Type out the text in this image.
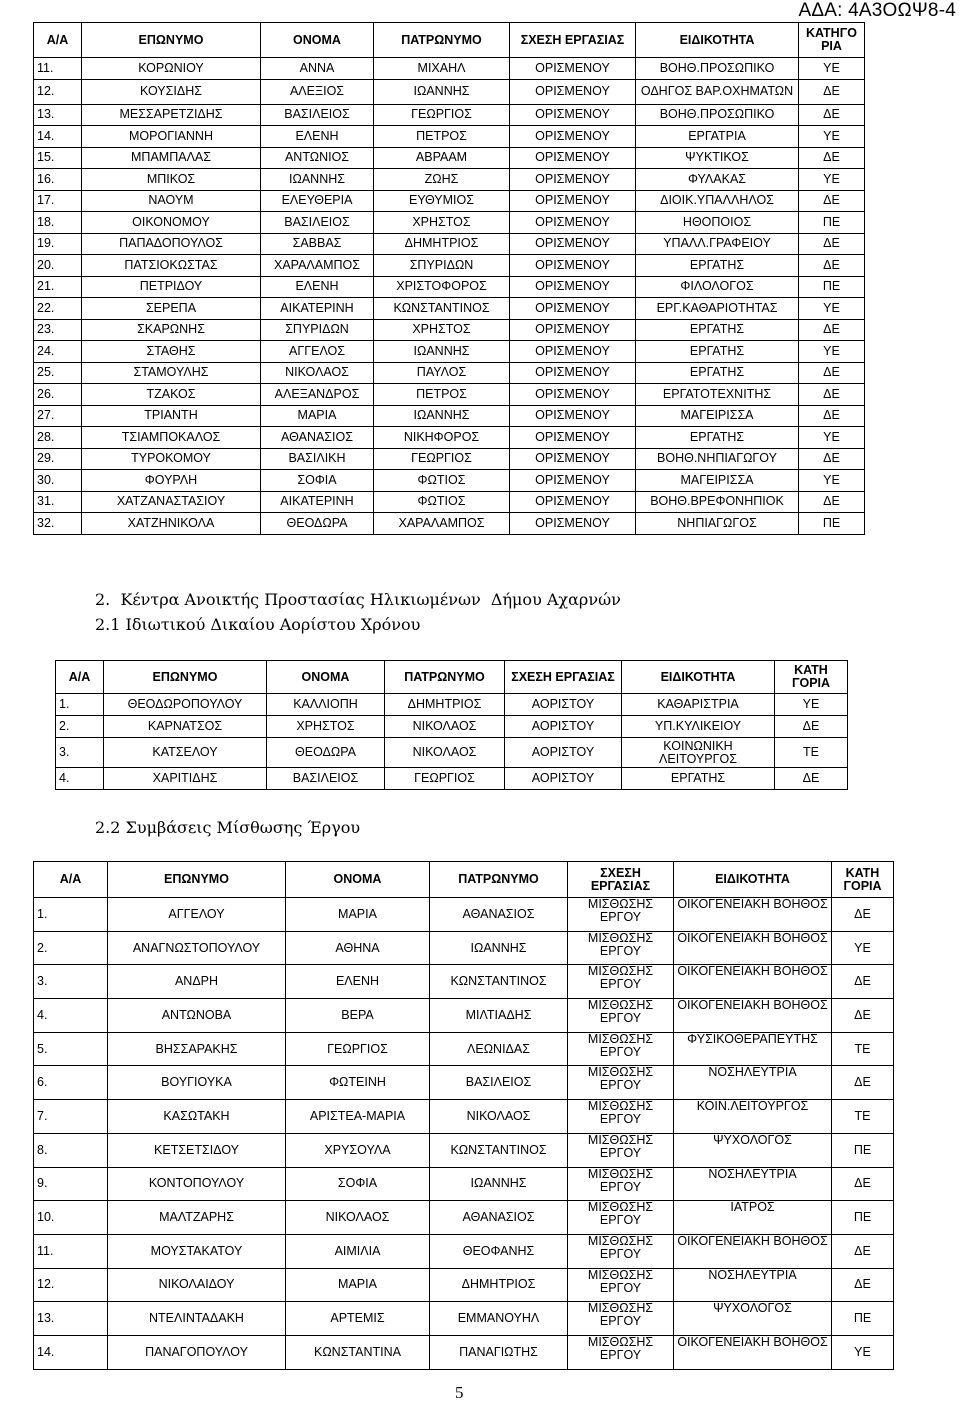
ΑΔΑ: 4Α3ΟΩΨ8-4
Α/Α	ΕΠΩΝΥΜΟ	ΟΝΟΜΑ	ΠΑΤΡΩΝΥΜΟ	ΣΧΕΣΗ ΕΡΓΑΣΙΑΣ	ΕΙΔΙΚΟΤΗΤΑ	ΚΑΤΗΓΟ ΡΙΑ
11.	ΚΟΡΩΝΙΟΥ	ΑΝΝΑ	ΜΙΧΑΗΛ	ΟΡΙΣΜΕΝΟΥ	ΒΟΗΘ.ΠΡΟΣΩΠΙΚΟ	ΥΕ
12.	ΚΟΥΣΙΔΗΣ	ΑΛΕΞΙΟΣ	ΙΩΑΝΝΗΣ	ΟΡΙΣΜΕΝΟΥ	ΟΔΗΓΟΣ ΒΑΡ.ΟΧΗΜΑΤΩΝ	ΔΕ
13.	ΜΕΣΣΑΡΕΤΖΙΔΗΣ	ΒΑΣΙΛΕΙΟΣ	ΓΕΩΡΓΙΟΣ	ΟΡΙΣΜΕΝΟΥ	ΒΟΗΘ.ΠΡΟΣΩΠΙΚΟ	ΔΕ
14.	ΜΟΡΟΓΙΑΝΝΗ	ΕΛΕΝΗ	ΠΕΤΡΟΣ	ΟΡΙΣΜΕΝΟΥ	ΕΡΓΑΤΡΙΑ	ΥΕ
15.	ΜΠΑΜΠΑΛΑΣ	ΑΝΤΩΝΙΟΣ	ΑΒΡΑΑΜ	ΟΡΙΣΜΕΝΟΥ	ΨΥΚΤΙΚΟΣ	ΔΕ
16.	ΜΠΙΚΟΣ	ΙΩΑΝΝΗΣ	ΖΩΗΣ	ΟΡΙΣΜΕΝΟΥ	ΦΥΛΑΚΑΣ	ΥΕ
17.	ΝΑΟΥΜ	ΕΛΕΥΘΕΡΙΑ	ΕΥΘΥΜΙΟΣ	ΟΡΙΣΜΕΝΟΥ	ΔΙΟΙΚ.ΥΠΑΛΛΗΛΟΣ	ΔΕ
18.	ΟΙΚΟΝΟΜΟΥ	ΒΑΣΙΛΕΙΟΣ	ΧΡΗΣΤΟΣ	ΟΡΙΣΜΕΝΟΥ	ΗΘΟΠΟΙΟΣ	ΠΕ
19.	ΠΑΠΑΔΟΠΟΥΛΟΣ	ΣΑΒΒΑΣ	ΔΗΜΗΤΡΙΟΣ	ΟΡΙΣΜΕΝΟΥ	ΥΠΑΛΛ.ΓΡΑΦΕΙΟΥ	ΔΕ
20.	ΠΑΤΣΙΟΚΩΣΤΑΣ	ΧΑΡΑΛΑΜΠΟΣ	ΣΠΥΡΙΔΩΝ	ΟΡΙΣΜΕΝΟΥ	ΕΡΓΑΤΗΣ	ΔΕ
21.	ΠΕΤΡΙΔΟΥ	ΕΛΕΝΗ	ΧΡΙΣΤΟΦΟΡΟΣ	ΟΡΙΣΜΕΝΟΥ	ΦΙΛΟΛΟΓΟΣ	ΠΕ
22.	ΣΕΡΕΠΑ	ΑΙΚΑΤΕΡΙΝΗ	ΚΩΝΣΤΑΝΤΙΝΟΣ	ΟΡΙΣΜΕΝΟΥ	ΕΡΓ.ΚΑΘΑΡΙΟΤΗΤΑΣ	ΥΕ
23.	ΣΚΑΡΩΝΗΣ	ΣΠΥΡΙΔΩΝ	ΧΡΗΣΤΟΣ	ΟΡΙΣΜΕΝΟΥ	ΕΡΓΑΤΗΣ	ΔΕ
24.	ΣΤΑΘΗΣ	ΑΓΓΕΛΟΣ	ΙΩΑΝΝΗΣ	ΟΡΙΣΜΕΝΟΥ	ΕΡΓΑΤΗΣ	ΥΕ
25.	ΣΤΑΜΟΥΛΗΣ	ΝΙΚΟΛΑΟΣ	ΠΑΥΛΟΣ	ΟΡΙΣΜΕΝΟΥ	ΕΡΓΑΤΗΣ	ΔΕ
26.	ΤΖΑΚΟΣ	ΑΛΕΞΑΝΔΡΟΣ	ΠΕΤΡΟΣ	ΟΡΙΣΜΕΝΟΥ	ΕΡΓΑΤΟΤΕΧΝΙΤΗΣ	ΔΕ
27.	ΤΡΙΑΝΤΗ	ΜΑΡΙΑ	ΙΩΑΝΝΗΣ	ΟΡΙΣΜΕΝΟΥ	ΜΑΓΕΙΡΙΣΣΑ	ΔΕ
28.	ΤΣΙΑΜΠΟΚΑΛΟΣ	ΑΘΑΝΑΣΙΟΣ	ΝΙΚΗΦΟΡΟΣ	ΟΡΙΣΜΕΝΟΥ	ΕΡΓΑΤΗΣ	ΥΕ
29.	ΤΥΡΟΚΟΜΟΥ	ΒΑΣΙΛΙΚΗ	ΓΕΩΡΓΙΟΣ	ΟΡΙΣΜΕΝΟΥ	ΒΟΗΘ.ΝΗΠΙΑΓΩΓΟΥ	ΔΕ
30.	ΦΟΥΡΛΗ	ΣΟΦΙΑ	ΦΩΤΙΟΣ	ΟΡΙΣΜΕΝΟΥ	ΜΑΓΕΙΡΙΣΣΑ	ΥΕ
31.	ΧΑΤΖΑΝΑΣΤΑΣΙΟΥ	ΑΙΚΑΤΕΡΙΝΗ	ΦΩΤΙΟΣ	ΟΡΙΣΜΕΝΟΥ	ΒΟΗΘ.ΒΡΕΦΟΝΗΠΙΟΚ	ΔΕ
32.	ΧΑΤΖΗΝΙΚΟΛΑ	ΘΕΟΔΩΡΑ	ΧΑΡΑΛΑΜΠΟΣ	ΟΡΙΣΜΕΝΟΥ	ΝΗΠΙΑΓΩΓΟΣ	ΠΕ
2.  Κέντρα Ανοικτής Προστασίας Ηλικιωμένων  Δήμου Αχαρνών
2.1 Ιδιωτικού Δικαίου Αορίστου Χρόνου
Α/Α	ΕΠΩΝΥΜΟ	ΟΝΟΜΑ	ΠΑΤΡΩΝΥΜΟ	ΣΧΕΣΗ ΕΡΓΑΣΙΑΣ	ΕΙΔΙΚΟΤΗΤΑ	ΚΑΤΗ ΓΟΡΙΑ
1.	ΘΕΟΔΩΡΟΠΟΥΛΟΥ	ΚΑΛΛΙΟΠΗ	ΔΗΜΗΤΡΙΟΣ	ΑΟΡΙΣΤΟΥ	ΚΑΘΑΡΙΣΤΡΙΑ	ΥΕ
2.	ΚΑΡΝΑΤΣΟΣ	ΧΡΗΣΤΟΣ	ΝΙΚΟΛΑΟΣ	ΑΟΡΙΣΤΟΥ	ΥΠ.ΚΥΛΙΚΕΙΟΥ	ΔΕ
3.	ΚΑΤΣΕΛΟΥ	ΘΕΟΔΩΡΑ	ΝΙΚΟΛΑΟΣ	ΑΟΡΙΣΤΟΥ	ΚΟΙΝΩΝΙΚΗ ΛΕΙΤΟΥΡΓΟΣ	ΤΕ
4.	ΧΑΡΙΤΙΔΗΣ	ΒΑΣΙΛΕΙΟΣ	ΓΕΩΡΓΙΟΣ	ΑΟΡΙΣΤΟΥ	ΕΡΓΑΤΗΣ	ΔΕ
2.2 Συμβάσεις Μίσθωσης Έργου
Α/Α	ΕΠΩΝΥΜΟ	ΟΝΟΜΑ	ΠΑΤΡΩΝΥΜΟ	ΣΧΕΣΗ ΕΡΓΑΣΙΑΣ	ΕΙΔΙΚΟΤΗΤΑ	ΚΑΤΗ ΓΟΡΙΑ
1.	ΑΓΓΕΛΟΥ	ΜΑΡΙΑ	ΑΘΑΝΑΣΙΟΣ	ΜΙΣΘΩΣΗΣ ΕΡΓΟΥ	ΟΙΚΟΓΕΝΕΙΑΚΗ ΒΟΗΘΟΣ	ΔΕ
2.	ΑΝΑΓΝΩΣΤΟΠΟΥΛΟΥ	ΑΘΗΝΑ	ΙΩΑΝΝΗΣ	ΜΙΣΘΩΣΗΣ ΕΡΓΟΥ	ΟΙΚΟΓΕΝΕΙΑΚΗ ΒΟΗΘΟΣ	ΥΕ
3.	ΑΝΔΡΗ	ΕΛΕΝΗ	ΚΩΝΣΤΑΝΤΙΝΟΣ	ΜΙΣΘΩΣΗΣ ΕΡΓΟΥ	ΟΙΚΟΓΕΝΕΙΑΚΗ ΒΟΗΘΟΣ	ΔΕ
4.	ΑΝΤΩΝΟΒΑ	ΒΕΡΑ	ΜΙΛΤΙΑΔΗΣ	ΜΙΣΘΩΣΗΣ ΕΡΓΟΥ	ΟΙΚΟΓΕΝΕΙΑΚΗ ΒΟΗΘΟΣ	ΔΕ
5.	ΒΗΣΣΑΡΑΚΗΣ	ΓΕΩΡΓΙΟΣ	ΛΕΩΝΙΔΑΣ	ΜΙΣΘΩΣΗΣ ΕΡΓΟΥ	ΦΥΣΙΚΟΘΕΡΑΠΕΥΤΗΣ	ΤΕ
6.	ΒΟΥΓΙΟΥΚΑ	ΦΩΤΕΙΝΗ	ΒΑΣΙΛΕΙΟΣ	ΜΙΣΘΩΣΗΣ ΕΡΓΟΥ	ΝΟΣΗΛΕΥΤΡΙΑ	ΔΕ
7.	ΚΑΣΩΤΑΚΗ	ΑΡΙΣΤΕΑ-ΜΑΡΙΑ	ΝΙΚΟΛΑΟΣ	ΜΙΣΘΩΣΗΣ ΕΡΓΟΥ	ΚΟΙΝ.ΛΕΙΤΟΥΡΓΟΣ	ΤΕ
8.	ΚΕΤΣΕΤΣΙΔΟΥ	ΧΡΥΣΟΥΛΑ	ΚΩΝΣΤΑΝΤΙΝΟΣ	ΜΙΣΘΩΣΗΣ ΕΡΓΟΥ	ΨΥΧΟΛΟΓΟΣ	ΠΕ
9.	ΚΟΝΤΟΠΟΥΛΟΥ	ΣΟΦΙΑ	ΙΩΑΝΝΗΣ	ΜΙΣΘΩΣΗΣ ΕΡΓΟΥ	ΝΟΣΗΛΕΥΤΡΙΑ	ΔΕ
10.	ΜΑΛΤΖΑΡΗΣ	ΝΙΚΟΛΑΟΣ	ΑΘΑΝΑΣΙΟΣ	ΜΙΣΘΩΣΗΣ ΕΡΓΟΥ	ΙΑΤΡΟΣ	ΠΕ
11.	ΜΟΥΣΤΑΚΑΤΟΥ	ΑΙΜΙΛΙΑ	ΘΕΟΦΑΝΗΣ	ΜΙΣΘΩΣΗΣ ΕΡΓΟΥ	ΟΙΚΟΓΕΝΕΙΑΚΗ ΒΟΗΘΟΣ	ΔΕ
12.	ΝΙΚΟΛΑΙΔΟΥ	ΜΑΡΙΑ	ΔΗΜΗΤΡΙΟΣ	ΜΙΣΘΩΣΗΣ ΕΡΓΟΥ	ΝΟΣΗΛΕΥΤΡΙΑ	ΔΕ
13.	ΝΤΕΛΙΝΤΑΔΑΚΗ	ΑΡΤΕΜΙΣ	ΕΜΜΑΝΟΥΗΛ	ΜΙΣΘΩΣΗΣ ΕΡΓΟΥ	ΨΥΧΟΛΟΓΟΣ	ΠΕ
14.	ΠΑΝΑΓΟΠΟΥΛΟΥ	ΚΩΝΣΤΑΝΤΙΝΑ	ΠΑΝΑΓΙΩΤΗΣ	ΜΙΣΘΩΣΗΣ ΕΡΓΟΥ	ΟΙΚΟΓΕΝΕΙΑΚΗ ΒΟΗΘΟΣ	ΥΕ
5
